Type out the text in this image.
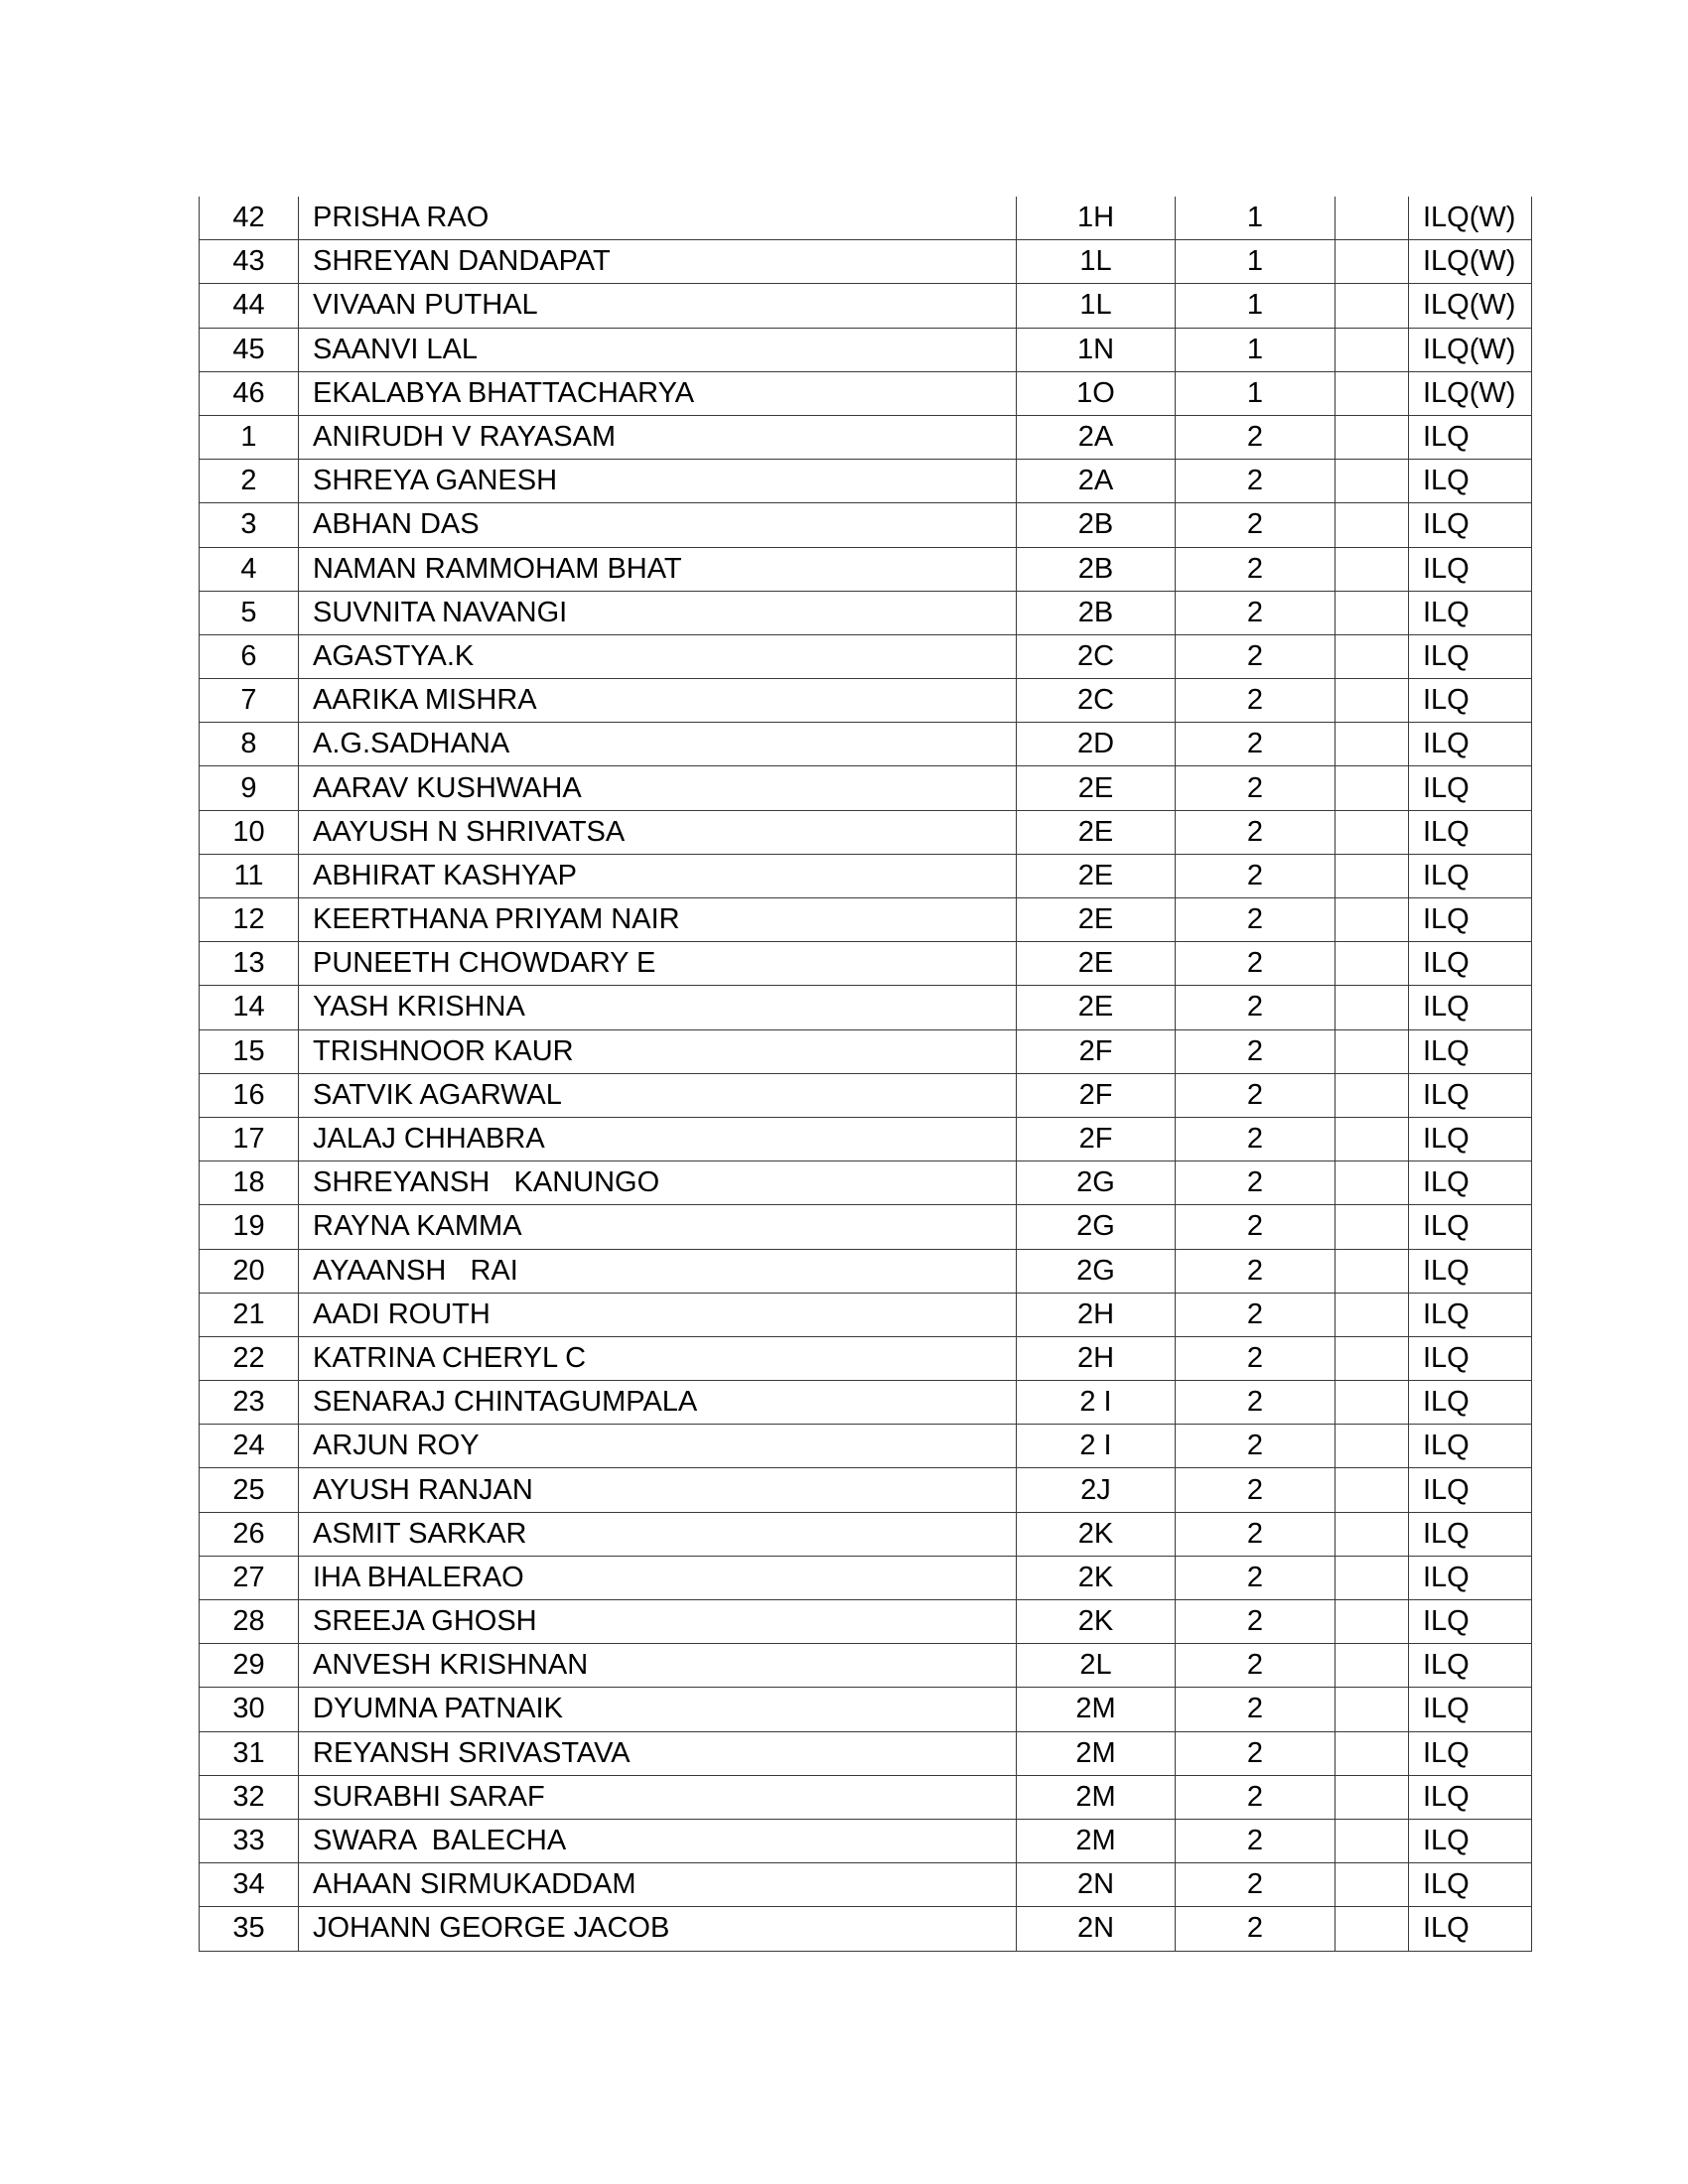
42	PRISHA RAO	1H	1		ILQ(W)
43	SHREYAN DANDAPAT	1L	1		ILQ(W)
44	VIVAAN PUTHAL	1L	1		ILQ(W)
45	SAANVI LAL	1N	1		ILQ(W)
46	EKALABYA BHATTACHARYA	1O	1		ILQ(W)
1	ANIRUDH V RAYASAM	2A	2		ILQ
2	SHREYA GANESH	2A	2		ILQ
3	ABHAN DAS	2B	2		ILQ
4	NAMAN RAMMOHAM BHAT	2B	2		ILQ
5	SUVNITA NAVANGI	2B	2		ILQ
6	AGASTYA.K	2C	2		ILQ
7	AARIKA MISHRA	2C	2		ILQ
8	A.G.SADHANA	2D	2		ILQ
9	AARAV KUSHWAHA	2E	2		ILQ
10	AAYUSH N SHRIVATSA	2E	2		ILQ
11	ABHIRAT KASHYAP	2E	2		ILQ
12	KEERTHANA PRIYAM NAIR	2E	2		ILQ
13	PUNEETH CHOWDARY E	2E	2		ILQ
14	YASH KRISHNA	2E	2		ILQ
15	TRISHNOOR KAUR	2F	2		ILQ
16	SATVIK AGARWAL	2F	2		ILQ
17	JALAJ CHHABRA	2F	2		ILQ
18	SHREYANSH   KANUNGO	2G	2		ILQ
19	RAYNA KAMMA	2G	2		ILQ
20	AYAANSH   RAI	2G	2		ILQ
21	AADI ROUTH	2H	2		ILQ
22	KATRINA CHERYL C	2H	2		ILQ
23	SENARAJ CHINTAGUMPALA	2 I	2		ILQ
24	ARJUN ROY	2 I	2		ILQ
25	AYUSH RANJAN	2J	2		ILQ
26	ASMIT SARKAR	2K	2		ILQ
27	IHA BHALERAO	2K	2		ILQ
28	SREEJA GHOSH	2K	2		ILQ
29	ANVESH KRISHNAN	2L	2		ILQ
30	DYUMNA PATNAIK	2M	2		ILQ
31	REYANSH SRIVASTAVA	2M	2		ILQ
32	SURABHI SARAF	2M	2		ILQ
33	SWARA  BALECHA	2M	2		ILQ
34	AHAAN SIRMUKADDAM	2N	2		ILQ
35	JOHANN GEORGE JACOB	2N	2		ILQ
